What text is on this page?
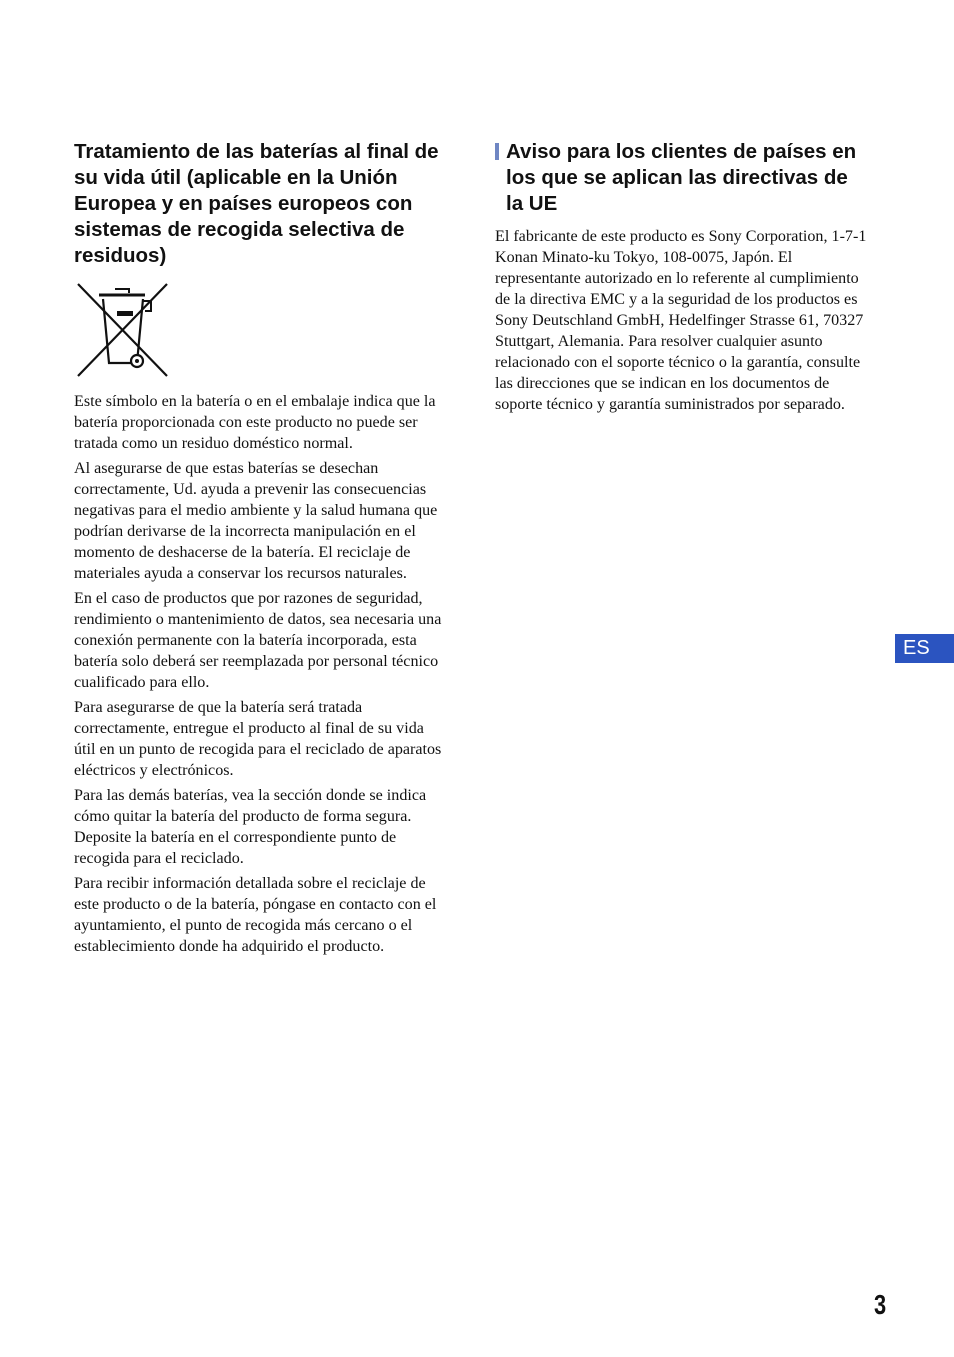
Tratamiento de las baterías al final de su vida útil (aplicable en la Unión Europea y en países europeos con sistemas de recogida selectiva de residuos)

Este símbolo en la batería o en el embalaje indica que la batería proporcionada con este producto no puede ser tratada como un residuo doméstico normal.

Al asegurarse de que estas baterías se desechan correctamente, Ud. ayuda a prevenir las consecuencias negativas para el medio ambiente y la salud humana que podrían derivarse de la incorrecta manipulación en el momento de deshacerse de la batería. El reciclaje de materiales ayuda a conservar los recursos naturales.

En el caso de productos que por razones de seguridad, rendimiento o mantenimiento de datos, sea necesaria una conexión permanente con la batería incorporada, esta batería solo deberá ser reemplazada por personal técnico cualificado para ello.

Para asegurarse de que la batería será tratada correctamente, entregue el producto al final de su vida útil en un punto de recogida para el reciclado de aparatos eléctricos y electrónicos.

Para las demás baterías, vea la sección donde se indica cómo quitar la batería del producto de forma segura. Deposite la batería en el correspondiente punto de recogida para el reciclado.

Para recibir información detallada sobre el reciclaje de este producto o de la batería, póngase en contacto con el ayuntamiento, el punto de recogida más cercano o el establecimiento donde ha adquirido el producto.

Aviso para los clientes de países en los que se aplican las directivas de la UE

El fabricante de este producto es Sony Corporation, 1-7-1 Konan Minato-ku Tokyo, 108-0075, Japón. El representante autorizado en lo referente al cumplimiento de la directiva EMC y a la seguridad de los productos es Sony Deutschland GmbH, Hedelfinger Strasse 61, 70327 Stuttgart, Alemania. Para resolver cualquier asunto relacionado con el soporte técnico o la garantía, consulte las direcciones que se indican en los documentos de soporte técnico y garantía suministrados por separado.

ES
3
